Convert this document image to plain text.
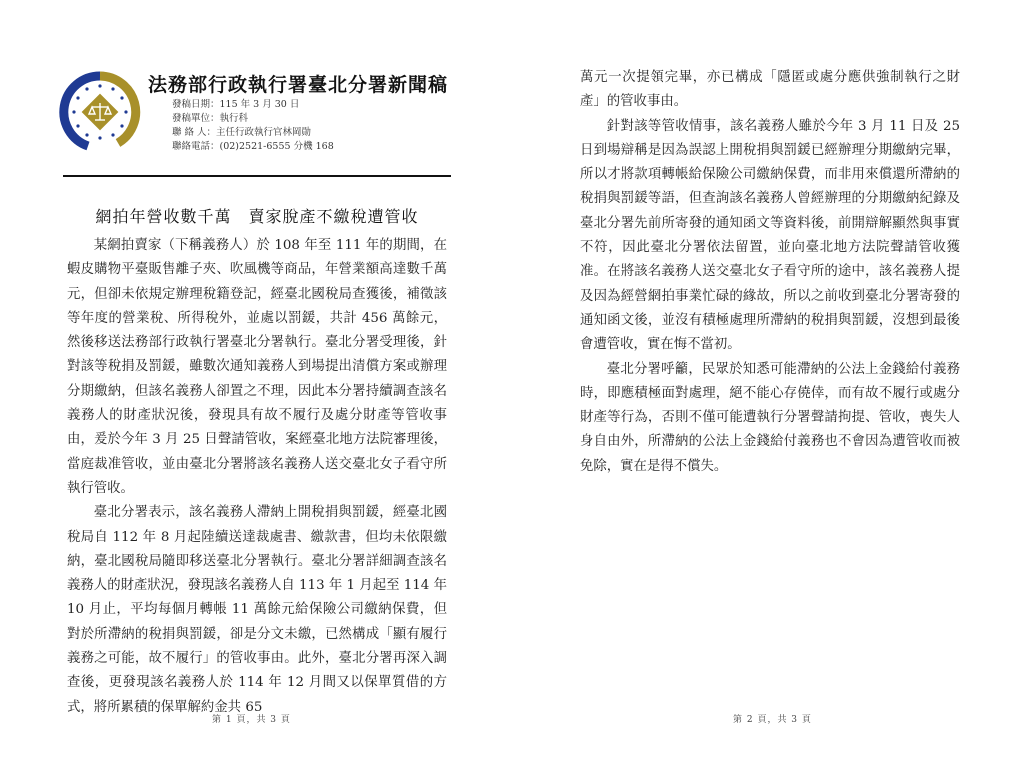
法務部行政執行署臺北分署新聞稿
發稿日期：115 年 3 月 30 日
發稿單位：執行科
聯 絡 人：主任行政執行官林岡勛
聯絡電話：(02)2521-6555 分機 168
網拍年營收數千萬　賣家脫產不繳稅遭管收

某網拍賣家（下稱義務人）於 108 年至 111 年的期間，在蝦皮購物平臺販售離子夾、吹風機等商品，年營業額高達數千萬元，但卻未依規定辦理稅籍登記，經臺北國稅局查獲後，補徵該等年度的營業稅、所得稅外，並處以罰鍰，共計 456 萬餘元，然後移送法務部行政執行署臺北分署執行。臺北分署受理後，針對該等稅捐及罰鍰，雖數次通知義務人到場提出清償方案或辦理分期繳納，但該名義務人卻置之不理，因此本分署持續調查該名義務人的財產狀況後，發現具有故不履行及處分財產等管收事由，爰於今年 3 月 25 日聲請管收，案經臺北地方法院審理後，當庭裁准管收，並由臺北分署將該名義務人送交臺北女子看守所執行管收。

臺北分署表示，該名義務人滯納上開稅捐與罰鍰，經臺北國稅局自 112 年 8 月起陸續送達裁處書、繳款書，但均未依限繳納，臺北國稅局隨即移送臺北分署執行。臺北分署詳細調查該名義務人的財產狀況，發現該名義務人自 113 年 1 月起至 114 年 10 月止，平均每個月轉帳 11 萬餘元給保險公司繳納保費，但對於所滯納的稅捐與罰鍰，卻是分文未繳，已然構成「顯有履行義務之可能，故不履行」的管收事由。此外，臺北分署再深入調查後，更發現該名義務人於 114 年 12 月間又以保單質借的方式，將所累積的保單解約金共 65

第 1 頁，共 3 頁

萬元一次提領完畢，亦已構成「隱匿或處分應供強制執行之財產」的管收事由。

針對該等管收情事，該名義務人雖於今年 3 月 11 日及 25 日到場辯稱是因為誤認上開稅捐與罰鍰已經辦理分期繳納完畢，所以才將款項轉帳給保險公司繳納保費，而非用來償還所滯納的稅捐與罰鍰等語，但查詢該名義務人曾經辦理的分期繳納紀錄及臺北分署先前所寄發的通知函文等資料後，前開辯解顯然與事實不符，因此臺北分署依法留置，並向臺北地方法院聲請管收獲准。在將該名義務人送交臺北女子看守所的途中，該名義務人提及因為經營網拍事業忙碌的緣故，所以之前收到臺北分署寄發的通知函文後，並沒有積極處理所滯納的稅捐與罰鍰，沒想到最後會遭管收，實在悔不當初。

臺北分署呼籲，民眾於知悉可能滯納的公法上金錢給付義務時，即應積極面對處理，絕不能心存僥倖，而有故不履行或處分財產等行為，否則不僅可能遭執行分署聲請拘提、管收，喪失人身自由外，所滯納的公法上金錢給付義務也不會因為遭管收而被免除，實在是得不償失。

第 2 頁，共 3 頁
